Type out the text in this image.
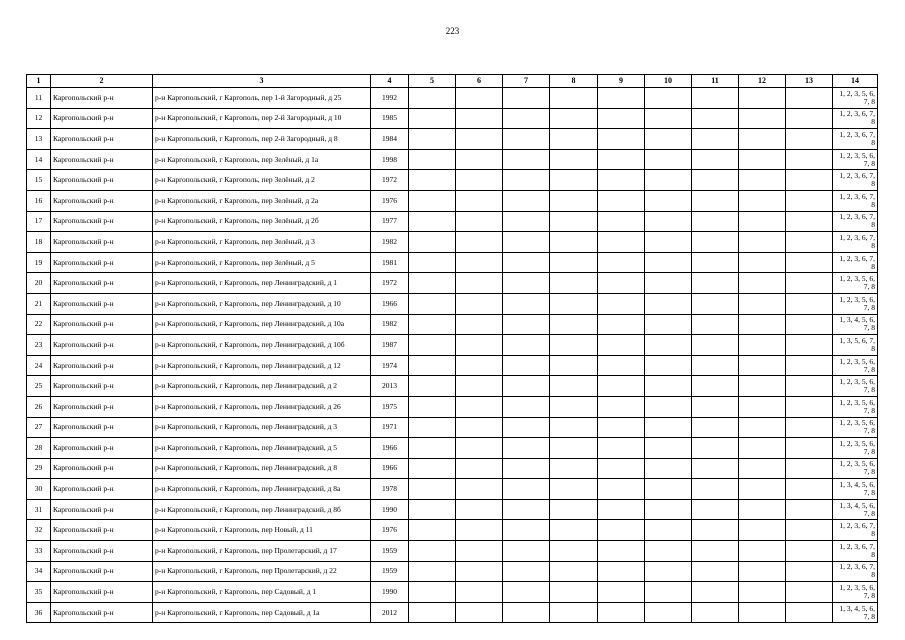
223
1	2	3	4	5	6	7	8	9	10	11	12	13	14
11	Каргопольский р-н	р-н Каргопольский, г Каргополь, пер 1-й Загородный, д 25	1992										1, 2, 3, 5, 6, 7, 8
12	Каргопольский р-н	р-н Каргопольский, г Каргополь, пер 2-й Загородный, д 10	1985										1, 2, 3, 6, 7, 8
13	Каргопольский р-н	р-н Каргопольский, г Каргополь, пер 2-й Загородный, д 8	1984										1, 2, 3, 6, 7, 8
14	Каргопольский р-н	р-н Каргопольский, г Каргополь, пер Зелёный, д 1а	1998										1, 2, 3, 5, 6, 7, 8
15	Каргопольский р-н	р-н Каргопольский, г Каргополь, пер Зелёный, д 2	1972										1, 2, 3, 6, 7, 8
16	Каргопольский р-н	р-н Каргопольский, г Каргополь, пер Зелёный, д 2а	1976										1, 2, 3, 6, 7, 8
17	Каргопольский р-н	р-н Каргопольский, г Каргополь, пер Зелёный, д 2б	1977										1, 2, 3, 6, 7, 8
18	Каргопольский р-н	р-н Каргопольский, г Каргополь, пер Зелёный, д 3	1982										1, 2, 3, 6, 7, 8
19	Каргопольский р-н	р-н Каргопольский, г Каргополь, пер Зелёный, д 5	1981										1, 2, 3, 6, 7, 8
20	Каргопольский р-н	р-н Каргопольский, г Каргополь, пер Ленинградский, д 1	1972										1, 2, 3, 5, 6, 7, 8
21	Каргопольский р-н	р-н Каргопольский, г Каргополь, пер Ленинградский, д 10	1966										1, 2, 3, 5, 6, 7, 8
22	Каргопольский р-н	р-н Каргопольский, г Каргополь, пер Ленинградский, д 10а	1982										1, 3, 4, 5, 6, 7, 8
23	Каргопольский р-н	р-н Каргопольский, г Каргополь, пер Ленинградский, д 10б	1987										1, 3, 5, 6, 7, 8
24	Каргопольский р-н	р-н Каргопольский, г Каргополь, пер Ленинградский, д 12	1974										1, 2, 3, 5, 6, 7, 8
25	Каргопольский р-н	р-н Каргопольский, г Каргополь, пер Ленинградский, д 2	2013										1, 2, 3, 5, 6, 7, 8
26	Каргопольский р-н	р-н Каргопольский, г Каргополь, пер Ленинградский, д 26	1975										1, 2, 3, 5, 6, 7, 8
27	Каргопольский р-н	р-н Каргопольский, г Каргополь, пер Ленинградский, д 3	1971										1, 2, 3, 5, 6, 7, 8
28	Каргопольский р-н	р-н Каргопольский, г Каргополь, пер Ленинградский, д 5	1966										1, 2, 3, 5, 6, 7, 8
29	Каргопольский р-н	р-н Каргопольский, г Каргополь, пер Ленинградский, д 8	1966										1, 2, 3, 5, 6, 7, 8
30	Каргопольский р-н	р-н Каргопольский, г Каргополь, пер Ленинградский, д 8а	1978										1, 3, 4, 5, 6, 7, 8
31	Каргопольский р-н	р-н Каргопольский, г Каргополь, пер Ленинградский, д 8б	1990										1, 3, 4, 5, 6, 7, 8
32	Каргопольский р-н	р-н Каргопольский, г Каргополь, пер Новый, д 11	1976										1, 2, 3, 6, 7, 8
33	Каргопольский р-н	р-н Каргопольский, г Каргополь, пер Пролетарский, д 17	1959										1, 2, 3, 6, 7, 8
34	Каргопольский р-н	р-н Каргопольский, г Каргополь, пер Пролетарский, д 22	1959										1, 2, 3, 6, 7, 8
35	Каргопольский р-н	р-н Каргопольский, г Каргополь, пер Садовый, д 1	1990										1, 2, 3, 5, 6, 7, 8
36	Каргопольский р-н	р-н Каргопольский, г Каргополь, пер Садовый, д 1а	2012										1, 3, 4, 5, 6, 7, 8
